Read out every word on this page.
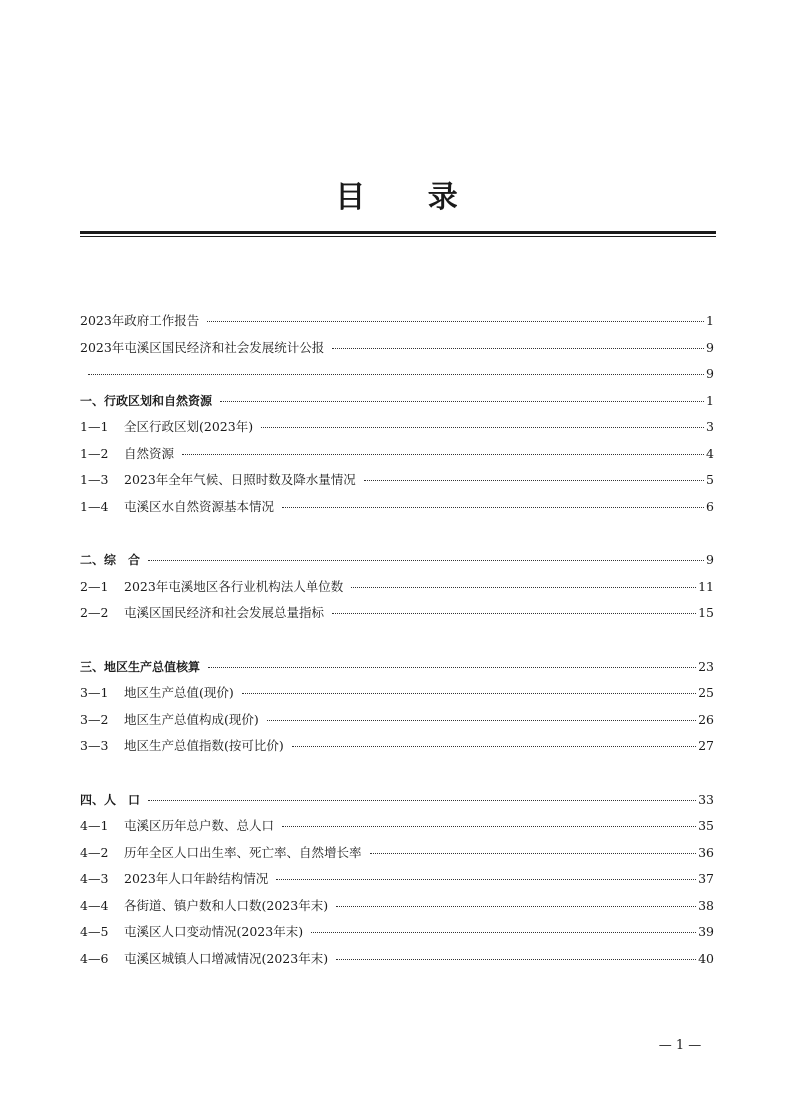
目 录
2023年政府工作报告	1
2023年屯溪区国民经济和社会发展统计公报	9
9
一、行政区划和自然资源	1
1—1	全区行政区划(2023年)	3
1—2	自然资源	4
1—3	2023年全年气候、日照时数及降水量情况	5
1—4	屯溪区水自然资源基本情况	6
二、综　合	9
2—1	2023年屯溪地区各行业机构法人单位数	11
2—2	屯溪区国民经济和社会发展总量指标	15
三、地区生产总值核算	23
3—1	地区生产总值(现价)	25
3—2	地区生产总值构成(现价)	26
3—3	地区生产总值指数(按可比价)	27
四、人　口	33
4—1	屯溪区历年总户数、总人口	35
4—2	历年全区人口出生率、死亡率、自然增长率	36
4—3	2023年人口年龄结构情况	37
4—4	各街道、镇户数和人口数(2023年末)	38
4—5	屯溪区人口变动情况(2023年末)	39
4—6	屯溪区城镇人口增减情况(2023年末)	40
— 1 —
